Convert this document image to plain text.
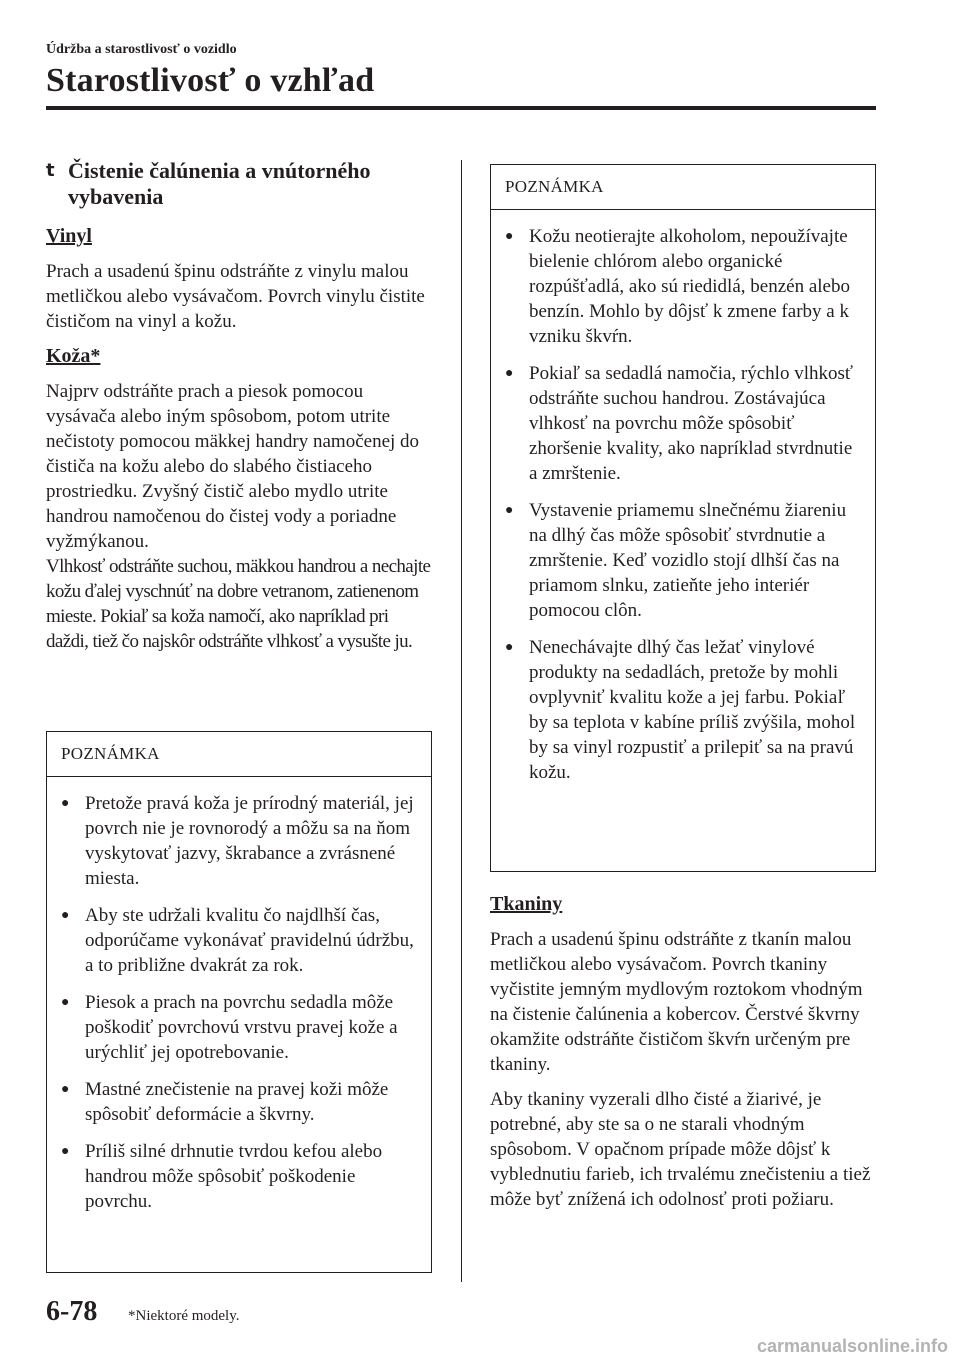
Údržba a starostlivosť o vozidlo
Starostlivosť o vzhľad
t Čistenie čalúnenia a vnútorného vybavenia
Vinyl

Prach a usadenú špinu odstráňte z vinylu malou metličkou alebo vysávačom. Povrch vinylu čistite čističom na vinyl a kožu.

Koža*

Najprv odstráňte prach a piesok pomocou vysávača alebo iným spôsobom, potom utrite nečistoty pomocou mäkkej handry namočenej do čističa na kožu alebo do slabého čistiaceho prostriedku. Zvyšný čistič alebo mydlo utrite handrou namočenou do čistej vody a poriadne vyžmýkanou.

Vlhkosť odstráňte suchou, mäkkou handrou a nechajte kožu ďalej vyschnúť na dobre vetranom, zatienenom mieste. Pokiaľ sa koža namočí, ako napríklad pri daždi, tiež čo najskôr odstráňte vlhkosť a vysušte ju.

POZNÁMKA
● Pretože pravá koža je prírodný materiál, jej povrch nie je rovnorodý a môžu sa na ňom vyskytovať jazvy, škrabance a zvrásnené miesta.
● Aby ste udržali kvalitu čo najdlhší čas, odporúčame vykonávať pravidelnú údržbu, a to približne dvakrát za rok.
● Piesok a prach na povrchu sedadla môže poškodiť povrchovú vrstvu pravej kože a urýchliť jej opotrebovanie.
● Mastné znečistenie na pravej koži môže spôsobiť deformácie a škvrny.
● Príliš silné drhnutie tvrdou kefou alebo handrou môže spôsobiť poškodenie povrchu.
POZNÁMKA
● Kožu neotierajte alkoholom, nepoužívajte bielenie chlórom alebo organické rozpúšťadlá, ako sú riedidlá, benzén alebo benzín. Mohlo by dôjsť k zmene farby a k vzniku škvŕn.
● Pokiaľ sa sedadlá namočia, rýchlo vlhkosť odstráňte suchou handrou. Zostávajúca vlhkosť na povrchu môže spôsobiť zhoršenie kvality, ako napríklad stvrdnutie a zmrštenie.
● Vystavenie priamemu slnečnému žiareniu na dlhý čas môže spôsobiť stvrdnutie a zmrštenie. Keď vozidlo stojí dlhší čas na priamom slnku, zatieňte jeho interiér pomocou clôn.
● Nenechávajte dlhý čas ležať vinylové produkty na sedadlách, pretože by mohli ovplyvniť kvalitu kože a jej farbu. Pokiaľ by sa teplota v kabíne príliš zvýšila, mohol by sa vinyl rozpustiť a prilepiť sa na pravú kožu.
Tkaniny

Prach a usadenú špinu odstráňte z tkanín malou metličkou alebo vysávačom. Povrch tkaniny vyčistite jemným mydlovým roztokom vhodným na čistenie čalúnenia a kobercov. Čerstvé škvrny okamžite odstráňte čističom škvŕn určeným pre tkaniny.

Aby tkaniny vyzerali dlho čisté a žiarivé, je potrebné, aby ste sa o ne starali vhodným spôsobom. V opačnom prípade môže dôjsť k vyblednutiu farieb, ich trvalému znečisteniu a tiež môže byť znížená ich odolnosť proti požiaru.

6-78 *Niektoré modely.
carmanualsonline.info
